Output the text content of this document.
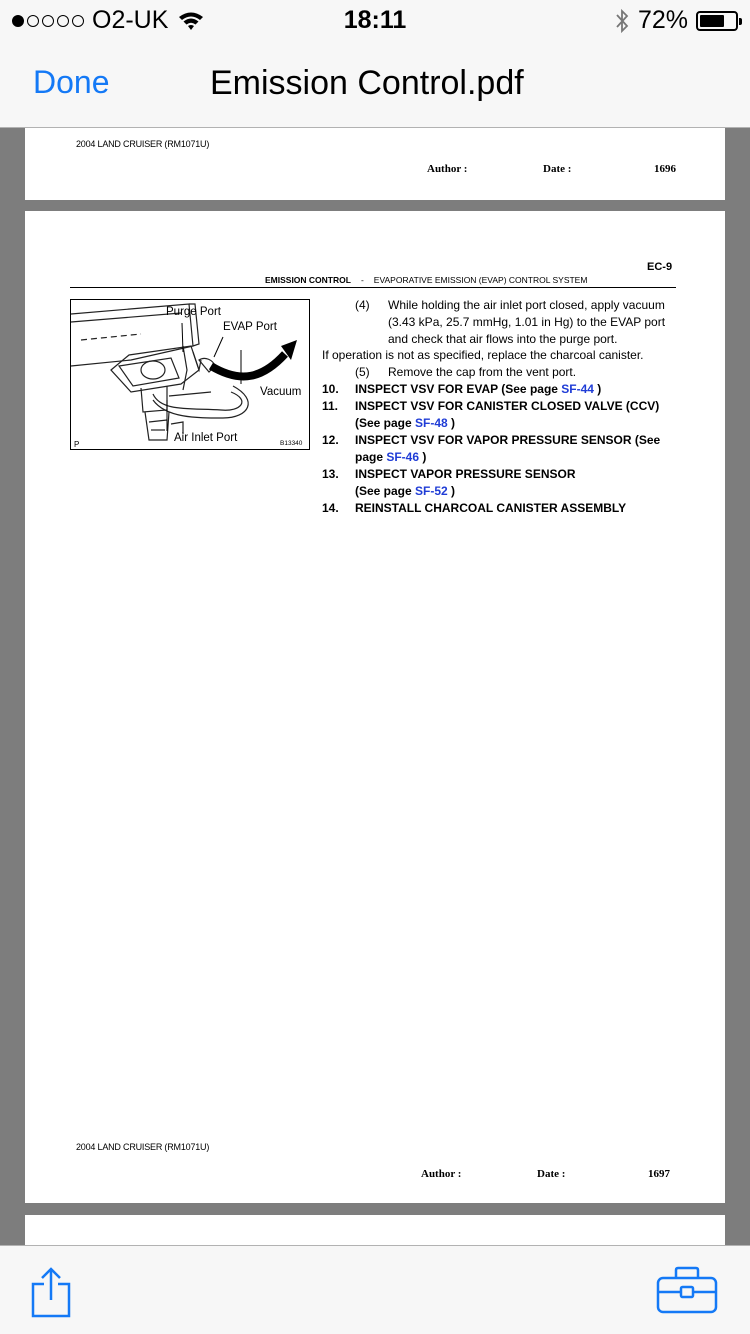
O2-UK	18:11	72%
Done	Emission Control.pdf
2004 LAND CRUISER (RM1071U)
Author :	Date :	1696
EC-9
EMISSION CONTROL - EVAPORATIVE EMISSION (EVAP) CONTROL SYSTEM
Purge Port
EVAP Port
Vacuum
Air Inlet Port
P	B13340
(4) While holding the air inlet port closed, apply vacuum
(3.43 kPa, 25.7 mmHg, 1.01 in Hg) to the EVAP port
and check that air flows into the purge port.
If operation is not as specified, replace the charcoal canister.
(5) Remove the cap from the vent port.
10. INSPECT VSV FOR EVAP (See page SF-44 )
11. INSPECT VSV FOR CANISTER CLOSED VALVE (CCV)
(See page SF-48 )
12. INSPECT VSV FOR VAPOR PRESSURE SENSOR (See
page SF-46 )
13. INSPECT VAPOR PRESSURE SENSOR
(See page SF-52 )
14. REINSTALL CHARCOAL CANISTER ASSEMBLY
2004 LAND CRUISER (RM1071U)
Author :	Date :	1697
